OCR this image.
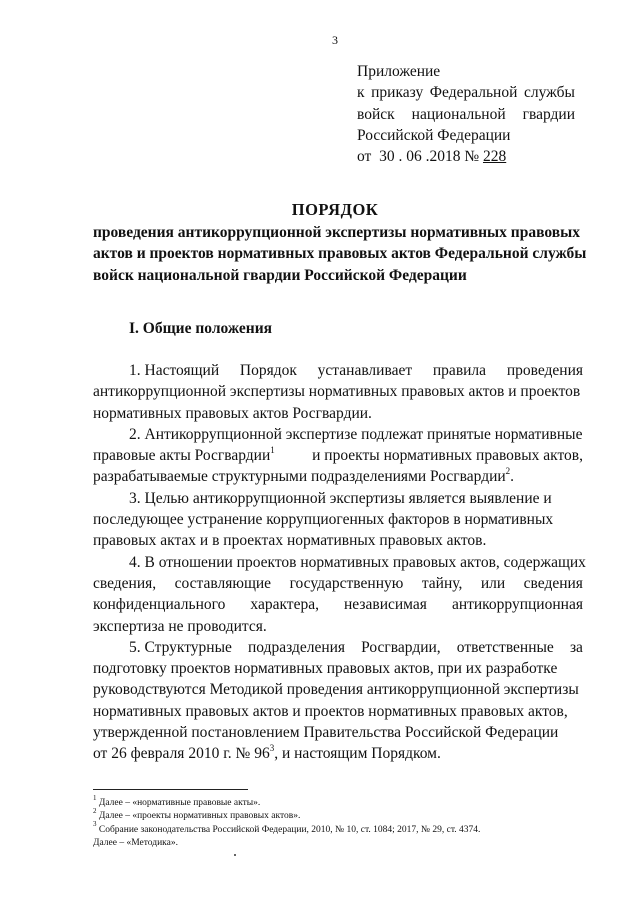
3
Приложение
к приказу Федеральной службы
войск национальной гвардии
Российской Федерации
от  30 . 06 .2018 № 228
ПОРЯДОК
проведения антикоррупционной экспертизы нормативных правовых
актов и проектов нормативных правовых актов Федеральной службы
войск национальной гвардии Российской Федерации
I. Общие положения
1. Настоящий Порядок устанавливает правила проведения
антикоррупционной экспертизы нормативных правовых актов и проектов
нормативных правовых актов Росгвардии.
2. Антикоррупционной экспертизе подлежат принятые нормативные
правовые акты Росгвардии$^1$ и проекты нормативных правовых актов,
разрабатываемые структурными подразделениями Росгвардии$^2$.
3. Целью антикоррупционной экспертизы является выявление и
последующее устранение коррупциогенных факторов в нормативных
правовых актах и в проектах нормативных правовых актов.
4. В отношении проектов нормативных правовых актов, содержащих
сведения, составляющие государственную тайну, или сведения
конфиденциального характера, независимая антикоррупционная
экспертиза не проводится.
5. Структурные подразделения Росгвардии, ответственные за
подготовку проектов нормативных правовых актов, при их разработке
руководствуются Методикой проведения антикоррупционной экспертизы
нормативных правовых актов и проектов нормативных правовых актов,
утвержденной постановлением Правительства Российской Федерации
от 26 февраля 2010 г. № $96^3$, и настоящим Порядком.
$^1$ Далее – «нормативные правовые акты».
$^2$ Далее – «проекты нормативных правовых актов».
$^3$ Собрание законодательства Российской Федерации, 2010, № 10, ст. 1084; 2017, № 29, ст. 4374.
Далее – «Методика».
